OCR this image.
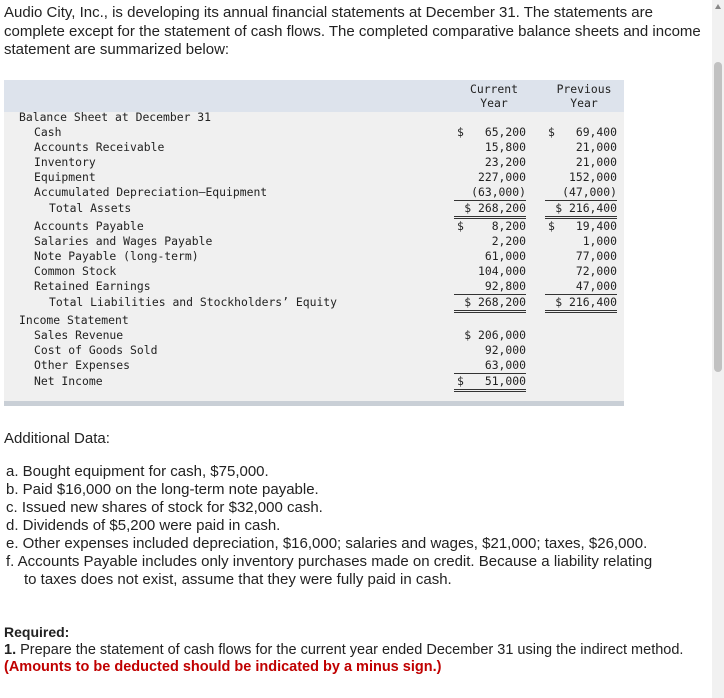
Audio City, Inc., is developing its annual financial statements at December 31. The statements are complete except for the statement of cash flows. The completed comparative balance sheets and income statement are summarized below:

Current
Year
Previous
Year
Balance Sheet at December 31
Cash	$	65,200 $	69,400
Accounts Receivable	15,800	21,000
Inventory	23,200	21,000
Equipment	227,000	152,000
Accumulated Depreciation—Equipment	(63,000)	(47,000)
Total Assets	$ 268,200	$ 216,400
Accounts Payable	$	8,200 $	19,400
Salaries and Wages Payable	2,200	1,000
Note Payable (long-term)	61,000	77,000
Common Stock	104,000	72,000
Retained Earnings	92,800	47,000
Total Liabilities and Stockholders’ Equity	$ 268,200	$ 216,400
Income Statement
Sales Revenue	$ 206,000
Cost of Goods Sold	92,000
Other Expenses	63,000
Net Income	$	51,000

Additional Data:

a. Bought equipment for cash, $75,000.
b. Paid $16,000 on the long-term note payable.
c. Issued new shares of stock for $32,000 cash.
d. Dividends of $5,200 were paid in cash.
e. Other expenses included depreciation, $16,000; salaries and wages, $21,000; taxes, $26,000.
f. Accounts Payable includes only inventory purchases made on credit. Because a liability relating
to taxes does not exist, assume that they were fully paid in cash.
Required:
1. Prepare the statement of cash flows for the current year ended December 31 using the indirect method. (Amounts to be deducted should be indicated by a minus sign.)
